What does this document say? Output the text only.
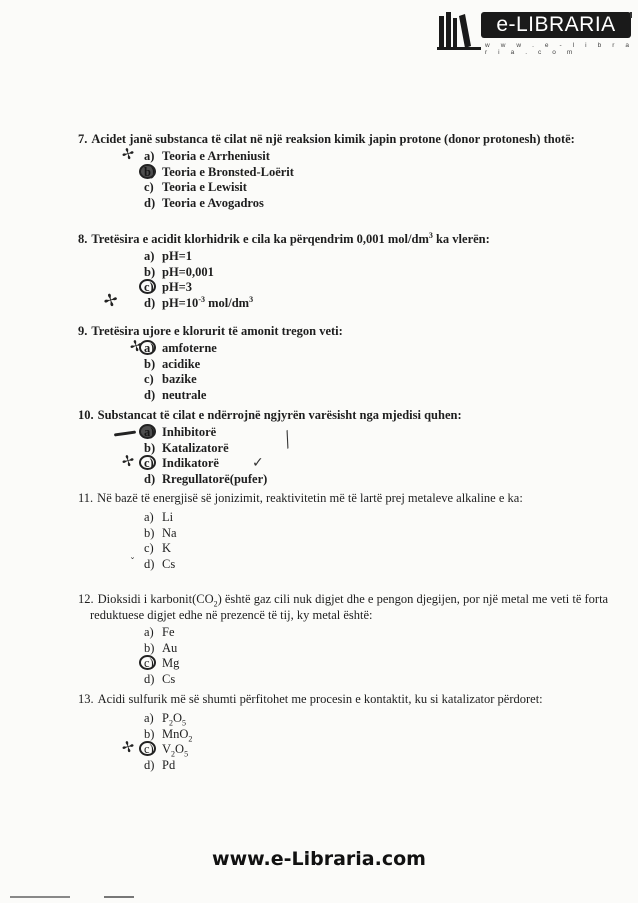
e-LIBRARIA
w w w . e - l i b r a r i a . c o m
7. Acidet janë substanca të cilat në një reaksion kimik japin protone (donor protonesh) thotë:
✢ a) Teoria e Arrheniusit
Teoria e Bronsted-Loërit
c) Teoria e Lewisit
d) Teoria e Avogadros
8. Tretësira e acidit klorhidrik e cila ka përqendrim 0,001 mol/$dm^3$ ka vlerën:
a) pH=1
b) pH=0,001
c) pH=3
✢ d) $pH=10^{-3}$ mol/$dm^3$
9. Tretësira ujore e klorurit të amonit tregon veti:
✢ a) amfoterne
b) acidike
c) bazike
d) neutrale
10. Substancat të cilat e ndërrojnë ngjyrën varësisht nga mjedisi quhen:
Inhibitorë
b) Katalizatorë	╱
✢ c) Indikatorë ✓
d) Rregullatorë(pufer)
11. Në bazë të energjisë së jonizimit, reaktivitetin më të lartë prej metaleve alkaline e ka:
a) Li
b) Na
c) K
ˇ d) Cs
12. Dioksidi i $karbonit(CO_2)$ është gaz cili nuk digjet dhe e pengon djegijen, por një metal me veti të forta reduktuese digjet edhe në prezencë të tij, ky metal është:
a) Fe
b) Au
c) Mg
d) Cs
13. Acidi sulfurik më së shumti përfitohet me procesin e kontaktit, ku si katalizator përdoret:
a) $P_2O_5$
b) MnO$_2$
✢ c) $V_2O_5$
d) Pd
www.e-Libraria.com
